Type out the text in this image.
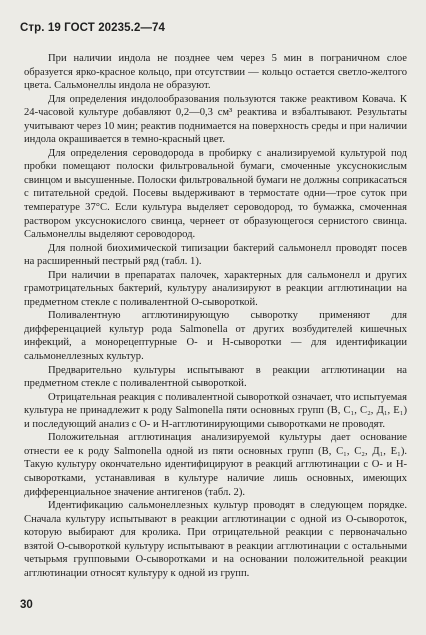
Стр. 19 ГОСТ 20235.2—74

При наличии индола не позднее чем через 5 мин в пограничном слое образуется ярко-красное кольцо, при отсутствии — кольцо остается светло-желтого цвета. Сальмонеллы индола не образуют.

Для определения индолообразования пользуются также реактивом Ковача. К 24-часовой культуре добавляют 0,2—0,3 см³ реактива и взбалтывают. Результаты учитывают через 10 мин; реактив поднимается на поверхность среды и при наличии индола окрашивается в темно-красный цвет.

Для определения сероводорода в пробирку с анализируемой культурой под пробки помещают полоски фильтровальной бумаги, смоченные уксуснокислым свинцом и высушенные. Полоски фильтровальной бумаги не должны соприкасаться с питательной средой. Посевы выдерживают в термостате одни—трое суток при температуре 37°С. Если культура выделяет сероводород, то бумажка, смоченная раствором уксуснокислого свинца, чернеет от образующегося сернистого свинца. Сальмонеллы выделяют сероводород.

Для полной биохимической типизации бактерий сальмонелл проводят посев на расширенный пестрый ряд (табл. 1).

При наличии в препаратах палочек, характерных для сальмонелл и других грамотрицательных бактерий, культуру анализируют в реакции агглютинации на предметном стекле с поливалентной О-сывороткой.

Поливалентную агглютинирующую сыворотку применяют для дифференцацией культур рода Salmonella от других возбудителей кишечных инфекций, а монорецептурные О- и Н-сыворотки — для идентификации сальмонеллезных культур.

Предварительно культуры испытывают в реакции агглютинации на предметном стекле с поливалентной сывороткой.

Отрицательная реакция с поливалентной сывороткой означает, что испытуемая культура не принадлежит к роду Salmonella пяти основных групп (В, С₁, С₂, Д₁, Е₁) и последующий анализ с О- и Н-агглютинирующими сыворотками не проводят.

Положительная агглютинация анализируемой культуры дает основание отнести ее к роду Salmonella одной из пяти основных групп (В, С₁, С₂, Д₁, Е₁). Такую культуру окончательно идентифицируют в реакций агглютинации с О- и Н-сыворотками, устанавливая в культуре наличие лишь основных, имеющих дифференциальное значение антигенов (табл. 2).

Идентификацию сальмонеллезных культур проводят в следующем порядке. Сначала культуру испытывают в реакции агглютинации с одной из О-сывороток, которую выбирают для кролика. При отрицательной реакции с первоначально взятой О-сывороткой культуру испытывают в реакции агглютинации с остальными четырьмя групповыми О-сыворотками и на основании положительной реакции агглютинации относят культуру к одной из групп.

30
